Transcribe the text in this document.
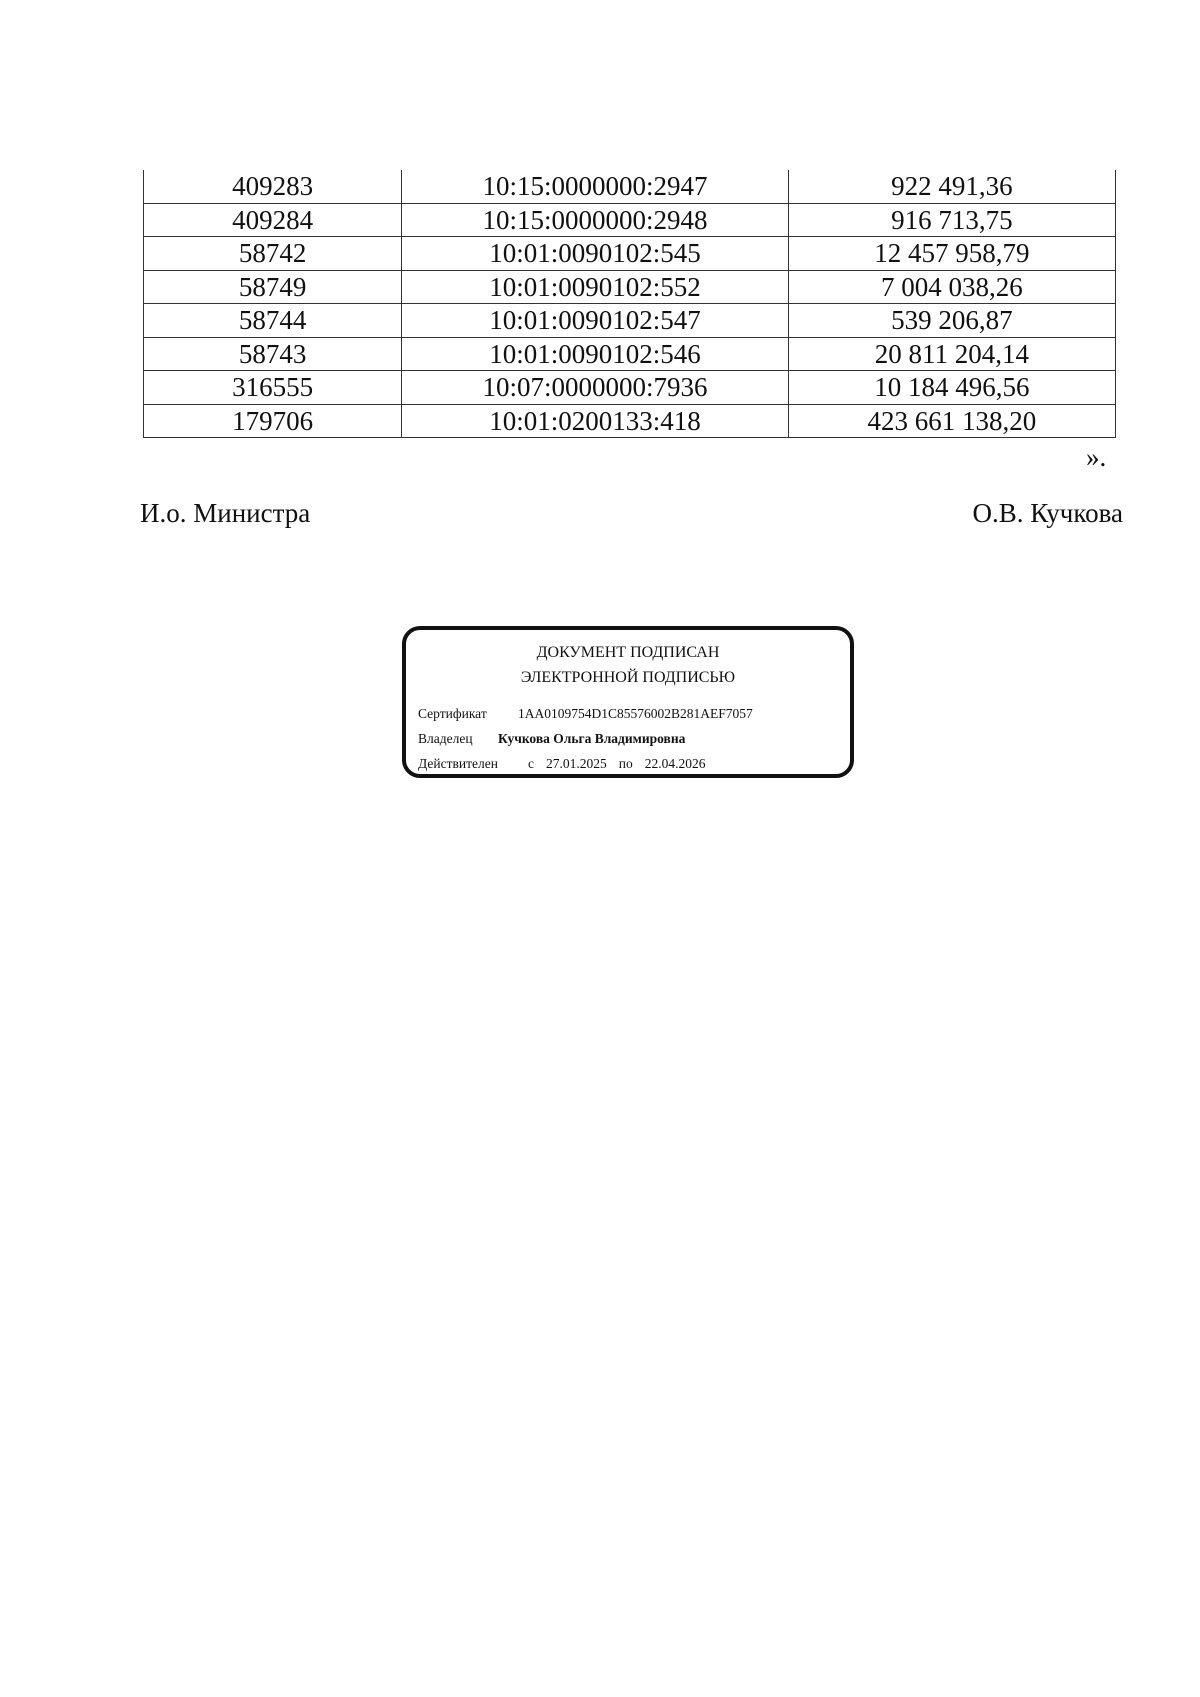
409283	10:15:0000000:2947	922 491,36
409284	10:15:0000000:2948	916 713,75
58742	10:01:0090102:545	12 457 958,79
58749	10:01:0090102:552	7 004 038,26
58744	10:01:0090102:547	539 206,87
58743	10:01:0090102:546	20 811 204,14
316555	10:07:0000000:7936	10 184 496,56
179706	10:01:0200133:418	423 661 138,20
».
И.о. Министра	О.В. Кучкова
ДОКУМЕНТ ПОДПИСАН
ЭЛЕКТРОННОЙ ПОДПИСЬЮ
Сертификат 1AA0109754D1C85576002B281AEF7057
Владелец Кучкова Ольга Владимировна
Действителен с 27.01.2025 по 22.04.2026
